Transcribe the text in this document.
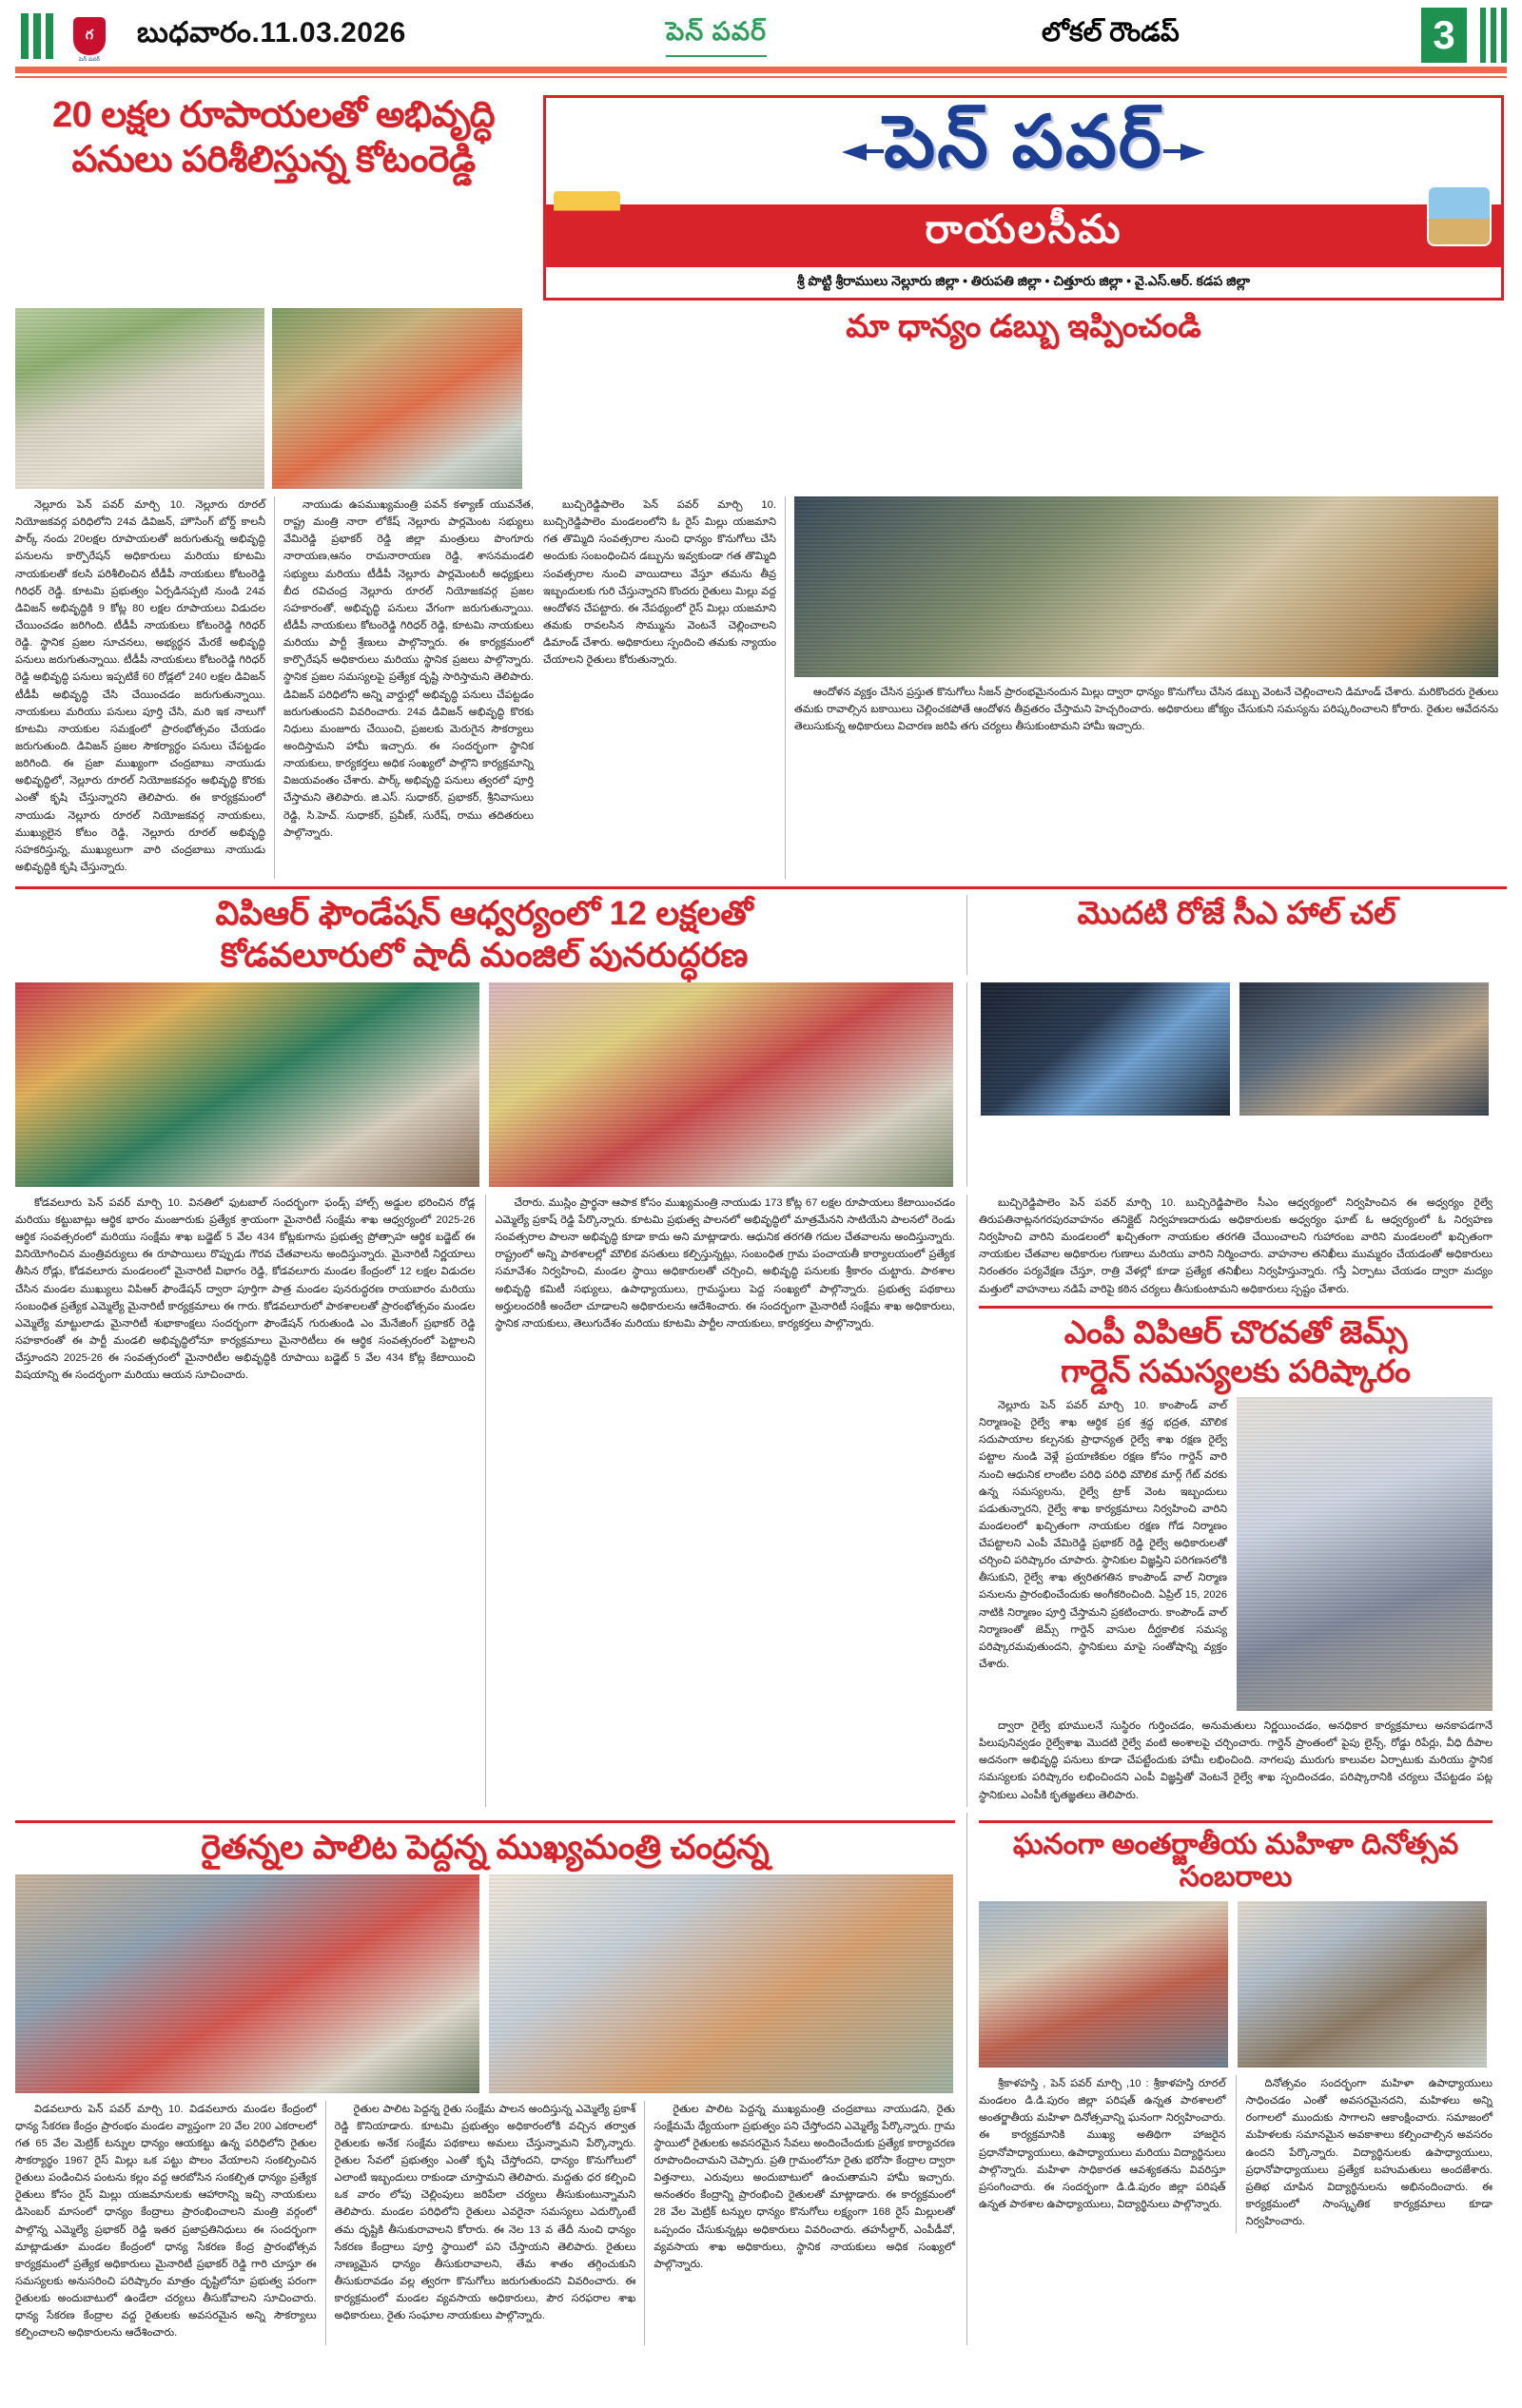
గ
పెన్ పవర్
బుధవారం.11.03.2026	పెన్ పవర్	లోకల్ రౌండప్	3
20 లక్షల రూపాయలతో అభివృద్ధి
పనులు పరిశీలిస్తున్న కోటంరెడ్డి	పెన్ పవర్
రాయలసీమ
శ్రీ పొట్టి శ్రీరాములు నెల్లూరు జిల్లా • తిరుపతి జిల్లా • చిత్తూరు జిల్లా • వై.ఎస్.ఆర్. కడప జిల్లా
మా ధాన్యం డబ్బు ఇప్పించండి

నెల్లూరు పెన్ పవర్ మార్చి 10. నెల్లూరు రూరల్ నియోజకవర్గ పరిధిలోని 24వ డివిజన్, హౌసింగ్ బోర్డ్ కాలనీ పార్క్ నందు 20లక్షల రూపాయలతో జరుగుతున్న అభివృద్ధి పనులను కార్పొరేషన్ అధికారులు మరియు కూటమి నాయకులతో కలసి పరిశీలించిన టీడీపీ నాయకులు కోటంరెడ్డి గిరిధర్ రెడ్డి. కూటమి ప్రభుత్వం ఏర్పడినప్పటి నుండి 24వ డివిజన్ అభివృద్ధికి 9 కోట్ల 80 లక్షల రూపాయలు విడుదల చేయించడం జరిగింది. టీడీపీ నాయకులు కోటంరెడ్డి గిరిధర్ రెడ్డి. స్థానిక ప్రజల సూచనలు, అభ్యర్ధన మేరకే అభివృద్ధి పనులు జరుగుతున్నాయి. టీడీపీ నాయకులు కోటంరెడ్డి గిరిధర్ రెడ్డి అభివృద్ధి పనులు ఇప్పటికే 60 రోడ్లలో 240 లక్షల డివిజన్ టీడీపీ అభివృద్ధి చేసి చేయించడం జరుగుతున్నాయి. నాయకులు మరియు పనులు పూర్తి చేసి, మరి ఇక నాలుగో కూటమి నాయకుల సమక్షంలో ప్రారంభోత్సవం చేయడం జరుగుతుంది. డివిజన్ ప్రజల సౌకర్యార్ధం పనులు చేపట్టడం జరిగింది. ఈ ప్రజా ముఖ్యంగా చంద్రబాబు నాయుడు అభివృద్ధిలో, నెల్లూరు రూరల్ నియోజకవర్గం అభివృద్ధి కొరకు ఎంతో కృషి చేస్తున్నారని తెలిపారు. ఈ కార్యక్రమంలో నాయుడు నెల్లూరు రూరల్ నియోజకవర్గ నాయకులు, ముఖ్యులైన కోటం రెడ్డి, నెల్లూరు రూరల్ అభివృద్ధి సహకరిస్తున్న, ముఖ్యులుగా వారి చంద్రబాబు నాయుడు అభివృద్ధికి కృషి చేస్తున్నారు.

నాయుడు ఉపముఖ్యమంత్రి పవన్ కళ్యాణ్ యువనేత, రాష్ట్ర మంత్రి నారా లోకేష్ నెల్లూరు పార్లమెంట సభ్యులు వేమిరెడ్డి ప్రభాకర్ రెడ్డి జిల్లా మంత్రులు పొంగూరు నారాయణ,ఆనం రామనారాయణ రెడ్డి, శాసనమండలి సభ్యులు మరియు టీడీపీ నెల్లూరు పార్లమెంటరీ అధ్యక్షులు బీద రవిచంద్ర నెల్లూరు రూరల్ నియోజకవర్గ ప్రజల సహకారంతో, అభివృద్ధి పనులు వేగంగా జరుగుతున్నాయి. టీడీపీ నాయకులు కోటంరెడ్డి గిరిధర్ రెడ్డి, కూటమి నాయకులు మరియు పార్టీ శ్రేణులు పాల్గొన్నారు. ఈ కార్యక్రమంలో కార్పొరేషన్ అధికారులు మరియు స్థానిక ప్రజలు పాల్గొన్నారు. స్థానిక ప్రజల సమస్యలపై ప్రత్యేక దృష్టి సారిస్తామని తెలిపారు. డివిజన్ పరిధిలోని అన్ని వార్డుల్లో అభివృద్ధి పనులు చేపట్టడం జరుగుతుందని వివరించారు. 24వ డివిజన్ అభివృద్ధి కొరకు నిధులు మంజూరు చేయించి, ప్రజలకు మెరుగైన సౌకర్యాలు అందిస్తామని హామీ ఇచ్చారు. ఈ సందర్భంగా స్థానిక నాయకులు, కార్యకర్తలు అధిక సంఖ్యలో పాల్గొని కార్యక్రమాన్ని విజయవంతం చేశారు. పార్క్ అభివృద్ధి పనులు త్వరలో పూర్తి చేస్తామని తెలిపారు. జి.ఎస్. సుధాకర్, ప్రభాకర్, శ్రీనివాసులు రెడ్డి, సి.హెచ్. సుధాకర్, ప్రవీణ్, సురేష్, రాము తదితరులు పాల్గొన్నారు.

బుచ్చిరెడ్డిపాలెం పెన్ పవర్ మార్చి 10. బుచ్చిరెడ్డిపాలెం మండలంలోని ఓ రైస్ మిల్లు యజమాని గత తొమ్మిది సంవత్సరాల నుంచి ధాన్యం కొనుగోలు చేసి అందుకు సంబంధించిన డబ్బును ఇవ్వకుండా గత తొమ్మిది సంవత్సరాల నుంచి వాయిదాలు వేస్తూ తమను తీవ్ర ఇబ్బందులకు గురి చేస్తున్నారని కొందరు రైతులు మిల్లు వద్ద ఆందోళన చేపట్టారు. ఈ నేపథ్యంలో రైస్ మిల్లు యజమాని తమకు రావలసిన సొమ్మును వెంటనే చెల్లించాలని డిమాండ్ చేశారు. అధికారులు స్పందించి తమకు న్యాయం చేయాలని రైతులు కోరుతున్నారు.

ఆందోళన వ్యక్తం చేసిన ప్రస్తుత కొనుగోలు సీజన్ ప్రారంభమైనందున మిల్లు ద్వారా ధాన్యం కొనుగోలు చేసిన డబ్బు వెంటనే చెల్లించాలని డిమాండ్ చేశారు. మరికొందరు రైతులు తమకు రావాల్సిన బకాయిలు చెల్లించకపోతే ఆందోళన తీవ్రతరం చేస్తామని హెచ్చరించారు. అధికారులు జోక్యం చేసుకుని సమస్యను పరిష్కరించాలని కోరారు. రైతుల ఆవేదనను తెలుసుకున్న అధికారులు విచారణ జరిపి తగు చర్యలు తీసుకుంటామని హామీ ఇచ్చారు.

విపిఆర్ ఫౌండేషన్ ఆధ్వర్యంలో 12 లక్షలతో
కోడవలూరులో షాదీ మంజిల్ పునరుద్ధరణ
మొదటి రోజే సీఎ హాల్ చల్

కోడవలూరు పెన్ పవర్ మార్చి 10. వినతిలో ఫుటబాల్ సందర్భంగా ఫండ్స్ హాల్స్ అడ్డుల భరించిన రోడ్ల మరియు కట్టుబాట్లు ఆర్థిక భారం మంజూరుకు ప్రత్యేక శ్రాయంగా మైనారిటీ సంక్షేమ శాఖ ఆధ్వర్యంలో 2025-26 ఆర్థిక సంవత్సరంలో మరియు సంక్షేమ శాఖ బడ్జెట్ 5 వేల 434 కోట్లకుగాను ప్రభుత్వ ప్రోత్సాహ ఆర్థిక బడ్జెట్ ఈ వినియోగించిన మంత్రివర్యులు ఈ రూపాయిలు రొప్పుడు గౌరవ చేతవాలను అందిస్తున్నారు. మైనారిటీ నిర్ణయాలు తీసిన రోడ్లు, కోడవలూరు మండలంలో మైనారిటీ విభాగం రెడ్డి, కోడవలూరు మండల కేంద్రంలో 12 లక్షల విడుదల చేసిన మండల ముఖ్యులు విపిఆర్ ఫౌండేషన్ ద్వారా పూర్తిగా పాత్ర మండల పునరుద్ధరణ రాయబారం మరియు సంబంధిత ప్రత్యేక ఎమ్మెల్యే మైనారిటీ కార్యక్రమాలు ఈ గారు. కోడవలూరులో పాఠశాలలతో ప్రారంభోత్సవం మండల ఎమ్మెల్యే మాట్టులాడు మైనారిటీ శుభాకాంక్షలు సందర్భంగా ఫౌండేషన్ గురుతుండి ఎం మేనేజింగ్ ప్రభాకర్ రెడ్డి సహకారంతో ఈ పార్టీ మండలి అభివృద్ధిలోనూ కార్యక్రమాలు మైనారిటీలు ఈ ఆర్థిక సంవత్సరంలో పెట్టాలని చేస్తూందని 2025-26 ఈ సంవత్సరంలో మైనారిటీల అభివృద్ధికి రూపాయి బడ్జెట్ 5 వేల 434 కోట్ల కేటాయించి విషయాన్ని ఈ సందర్భంగా మరియు ఆయన సూచించారు.

చేరారు. ముస్లిం ప్రార్థనా ఆపాక కోసం ముఖ్యమంత్రి నాయుడు 173 కోట్ల 67 లక్షల రూపాయలు కేటాయించడం ఎమ్మెల్యే ప్రకాష్ రెడ్డి పేర్కొన్నారు. కూటమి ప్రభుత్వ పాలనలో అభివృద్ధిలో మాత్రమేనని సాటియేని పాలనలో రెండు సంవత్సరాల పాలనా అభివృద్ధి కూడా కాదు అని మాట్లాడారు. ఆధునిక తరగతి గదుల చేతవాలను అందిస్తున్నారు. రాష్ట్రంలో అన్ని పాఠశాలల్లో మౌలిక వసతులు కల్పిస్తున్నట్లు, సంబంధిత గ్రామ పంచాయతీ కార్యాలయంలో ప్రత్యేక సమావేశం నిర్వహించి, మండల స్థాయి అధికారులతో చర్చించి, అభివృద్ధి పనులకు శ్రీకారం చుట్టారు. పాఠశాల అభివృద్ధి కమిటీ సభ్యులు, ఉపాధ్యాయులు, గ్రామస్థులు పెద్ద సంఖ్యలో పాల్గొన్నారు. ప్రభుత్వ పథకాలు అర్హులందరికీ అందేలా చూడాలని అధికారులను ఆదేశించారు. ఈ సందర్భంగా మైనారిటీ సంక్షేమ శాఖ అధికారులు, స్థానిక నాయకులు, తెలుగుదేశం మరియు కూటమి పార్టీల నాయకులు, కార్యకర్తలు పాల్గొన్నారు.

బుచ్చిరెడ్డిపాలెం పెన్ పవర్ మార్చి 10. బుచ్చిరెడ్డిపాలెం సీఎం ఆధ్వర్యంలో నిర్వహించిన ఈ అధ్వర్యం రైల్వే తిరుపతినాట్లనగరపురవాహనం తనిక్లైట్ నిర్వహణదారుడు అధికారులకు అధ్వర్యం ఘాట్ ఓ ఆధ్వర్యంలో ఓ నిర్వహణ నిర్వహించి వారిని మండలంలో ఖచ్చితంగా నాయకుల తరగతి చేయించాలని గుహారంబ వారిని మండలంలో ఖచ్చితంగా నాయకుల చేతవాల అధికారుల గుణాలు మరియు వారిని నిర్మించారు. వాహనాల తనిఖీలు ముమ్మరం చేయడంతో అధికారులు నిరంతరం పర్యవేక్షణ చేస్తూ, రాత్రి వేళల్లో కూడా ప్రత్యేక తనిఖీలు నిర్వహిస్తున్నారు. గస్తీ ఏర్పాటు చేయడం ద్వారా మద్యం మత్తులో వాహనాలు నడిపే వారిపై కఠిన చర్యలు తీసుకుంటామని అధికారులు స్పష్టం చేశారు.

ఎంపీ విపిఆర్ చొరవతో జెమ్స్
గార్డెన్ సమస్యలకు పరిష్కారం

నెల్లూరు పెన్ పవర్ మార్చి 10. కాంపౌండ్ వాల్ నిర్మాణంపై రైల్వే శాఖ ఆర్థిక ప్రక శ్రద్ధ భద్రత, మౌలిక సదుపాయాల కల్పనకు ప్రాధాన్యత రైల్వే శాఖ రక్షణ రైల్వే పట్టాల నుండి వెళ్లే ప్రయాణికుల రక్షణ కోసం గార్డెన్ వారి నుంచి ఆధునిక లాంటిల పరిధి పరిధి మౌలిక మార్గ్ గేట్ వరకు ఉన్న సమస్యలను, రైల్వే ట్రాక్ వెంట ఇబ్బందులు పడుతున్నారని, రైల్వే శాఖ కార్యక్రమాలు నిర్వహించి వారిని మండలంలో ఖచ్చితంగా నాయకుల రక్షణ గోడ నిర్మాణం చేపట్టాలని ఎంపీ వేమిరెడ్డి ప్రభాకర్ రెడ్డి రైల్వే అధికారులతో చర్చించి పరిష్కారం చూపారు. స్థానికుల విజ్ఞప్తిని పరిగణనలోకి తీసుకుని, రైల్వే శాఖ త్వరితగతిన కాంపౌండ్ వాల్ నిర్మాణ పనులను ప్రారంభించేందుకు అంగీకరించింది. ఏప్రిల్ 15, 2026 నాటికి నిర్మాణం పూర్తి చేస్తామని ప్రకటించారు. కాంపౌండ్ వాల్ నిర్మాణంతో జెమ్స్ గార్డెన్ వాసుల దీర్ఘకాలిక సమస్య పరిష్కారమవుతుందని, స్థానికులు మాపై సంతోషాన్ని వ్యక్తం చేశారు.

ద్వారా రైల్వే భూములనే సుస్థిరం గుర్తించడం, అనుమతులు నిర్ణయించడం, అనధికార కార్యక్రమాలు అనకాపడగానే పిలుపునివ్వడం రైల్వేశాఖ మొదటి రైల్వే వంటి అంశాలపై చర్చించారు. గార్డెన్ ప్రాంతంలో పైపు లైన్స్, రోడ్డు రిపేర్లు, వీధి దీపాల అదనంగా అభివృద్ధి పనులు కూడా చేపట్టేందుకు హామీ లభించింది. నాగలపు మురుగు కాలువల ఏర్పాటుకు మరియు స్థానిక సమస్యలకు పరిష్కారం లభించిందని ఎంపీ విజ్ఞప్తితో వెంటనే రైల్వే శాఖ స్పందించడం, పరిష్కారానికి చర్యలు చేపట్టడం పట్ల స్థానికులు ఎంపీకి కృతజ్ఞతలు తెలిపారు.

రైతన్నల పాలిట పెద్దన్న ముఖ్యమంత్రి చంద్రన్న

విడవలూరు పెన్ పవర్ మార్చి 10. విడవలూరు మండల కేంద్రంలో ధాన్య సేకరణ కేంద్రం ప్రారంభం మండల వ్యాప్తంగా 20 వేల 200 ఎకరాలలో గత 65 వేల మెట్రిక్ టన్నుల ధాన్యం ఆయకట్టు ఉన్న పరిధిలోని రైతుల సౌకర్యార్థం 1967 రైస్ మిల్లు ఒక పట్టు పొలం వేయాలని సంకల్పించిన రైతులు పండించిన పంటను కల్లం వద్ద ఆరబోసిన సంకల్పిత ధాన్యం ప్రత్యేక రైతులు కోసం రైస్ మిల్లు యజమానులకు ఆహారాన్ని ఇచ్చి నాయకులు డిసెంబర్ మాసంలో ధాన్యం కేంద్రాలు ప్రారంభించాలని మంత్రి వర్గంలో పాల్గొన్న ఎమ్మెల్యే ప్రభాకర్ రెడ్డి ఇతర ప్రజాప్రతినిధులు ఈ సందర్భంగా మాట్లాడుతూ మండల కేంద్రంలో ధాన్య సేకరణ కేంద్ర ప్రారంభోత్సవ కార్యక్రమంలో ప్రత్యేక అధికారులు మైనారిటీ ప్రభాకర్ రెడ్డి గారి చూస్తూ ఈ సమస్యలకు అనుసరించి పరిష్కారం మాత్రం దృష్టిలోనూ ప్రభుత్వ పరంగా రైతులకు అందుబాటులో ఉండేలా చర్యలు తీసుకోవాలని సూచించారు. ధాన్య సేకరణ కేంద్రాల వద్ద రైతులకు అవసరమైన అన్ని సౌకర్యాలు కల్పించాలని అధికారులను ఆదేశించారు.

రైతుల పాలిట పెద్దన్న రైతు సంక్షేమ పాలన అందిస్తున్న ఎమ్మెల్యే ప్రకాశ్ రెడ్డి కొనియాడారు. కూటమి ప్రభుత్వం అధికారంలోకి వచ్చిన తర్వాత రైతులకు అనేక సంక్షేమ పథకాలు అమలు చేస్తున్నామని పేర్కొన్నారు. రైతుల సేవలో ప్రభుత్వం ఎంతో కృషి చేస్తోందని, ధాన్యం కొనుగోలులో ఎలాంటి ఇబ్బందులు రాకుండా చూస్తామని తెలిపారు. మద్దతు ధర కల్పించి ఒక వారం లోపు చెల్లింపులు జరిపేలా చర్యలు తీసుకుంటున్నామని తెలిపారు. మండల పరిధిలోని రైతులు ఎవరైనా సమస్యలు ఎదుర్కొంటే తమ దృష్టికి తీసుకురావాలని కోరారు. ఈ నెల 13 వ తేదీ నుంచి ధాన్యం సేకరణ కేంద్రాలు పూర్తి స్థాయిలో పని చేస్తాయని తెలిపారు. రైతులు నాణ్యమైన ధాన్యం తీసుకురావాలని, తేమ శాతం తగ్గించుకుని తీసుకురావడం వల్ల త్వరగా కొనుగోలు జరుగుతుందని వివరించారు. ఈ కార్యక్రమంలో మండల వ్యవసాయ అధికారులు, పౌర సరఫరాల శాఖ అధికారులు, రైతు సంఘాల నాయకులు పాల్గొన్నారు.

రైతుల పాలిట పెద్దన్న ముఖ్యమంత్రి చంద్రబాబు నాయుడని, రైతు సంక్షేమమే ధ్యేయంగా ప్రభుత్వం పని చేస్తోందని ఎమ్మెల్యే పేర్కొన్నారు. గ్రామ స్థాయిలో రైతులకు అవసరమైన సేవలు అందించేందుకు ప్రత్యేక కార్యాచరణ రూపొందించామని చెప్పారు. ప్రతి గ్రామంలోనూ రైతు భరోసా కేంద్రాల ద్వారా విత్తనాలు, ఎరువులు అందుబాటులో ఉంచుతామని హామీ ఇచ్చారు. అనంతరం కేంద్రాన్ని ప్రారంభించి రైతులతో మాట్లాడారు. ఈ కార్యక్రమంలో 28 వేల మెట్రిక్ టన్నుల ధాన్యం కొనుగోలు లక్ష్యంగా 168 రైస్ మిల్లులతో ఒప్పందం చేసుకున్నట్లు అధికారులు వివరించారు. తహసీల్దార్, ఎంపీడీవో, వ్యవసాయ శాఖ అధికారులు, స్థానిక నాయకులు అధిక సంఖ్యలో పాల్గొన్నారు.

ఘనంగా అంతర్జాతీయ మహిళా దినోత్సవ సంబరాలు

శ్రీకాళహస్తి , పెన్ పవర్ మార్చి ,10 : శ్రీకాళహస్తి రూరల్ మండలం డి.డి.పురం జిల్లా పరిషత్ ఉన్నత పాఠశాలలో అంతర్జాతీయ మహిళా దినోత్సవాన్ని ఘనంగా నిర్వహించారు. ఈ కార్యక్రమానికి ముఖ్య అతిథిగా హాజరైన ప్రధానోపాధ్యాయులు, ఉపాధ్యాయులు మరియు విద్యార్థినులు పాల్గొన్నారు. మహిళా సాధికారత ఆవశ్యకతను వివరిస్తూ ప్రసంగించారు. ఈ సందర్భంగా డి.డి.పురం జిల్లా పరిషత్ ఉన్నత పాఠశాల ఉపాధ్యాయులు, విద్యార్థినులు పాల్గొన్నారు.

దినోత్సవం సందర్భంగా మహిళా ఉపాధ్యాయులు సాధించడం ఎంతో అవసరమైనదని, మహిళలు అన్ని రంగాలలో ముందుకు సాగాలని ఆకాంక్షించారు. సమాజంలో మహిళలకు సమానమైన అవకాశాలు కల్పించాల్సిన అవసరం ఉందని పేర్కొన్నారు. విద్యార్థినులకు ఉపాధ్యాయులు, ప్రధానోపాధ్యాయులు ప్రత్యేక బహుమతులు అందజేశారు. ప్రతిభ చూపిన విద్యార్థినులను అభినందించారు. ఈ కార్యక్రమంలో సాంస్కృతిక కార్యక్రమాలు కూడా నిర్వహించారు.
